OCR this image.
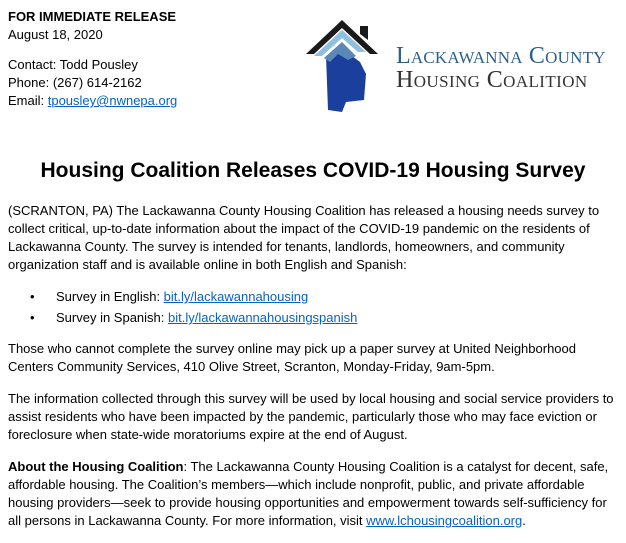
FOR IMMEDIATE RELEASE
August 18, 2020
Contact: Todd Pousley
Phone: (267) 614-2162
Email: tpousley@nwnepa.org
Lackawanna County
Housing Coalition
Housing Coalition Releases COVID-19 Housing Survey

(SCRANTON, PA) The Lackawanna County Housing Coalition has released a housing needs survey to collect critical, up-to-date information about the impact of the COVID-19 pandemic on the residents of Lackawanna County. The survey is intended for tenants, landlords, homeowners, and community organization staff and is available online in both English and Spanish:

• Survey in English: bit.ly/lackawannahousing
• Survey in Spanish: bit.ly/lackawannahousingspanish

Those who cannot complete the survey online may pick up a paper survey at United Neighborhood Centers Community Services, 410 Olive Street, Scranton, Monday-Friday, 9am-5pm.

The information collected through this survey will be used by local housing and social service providers to assist residents who have been impacted by the pandemic, particularly those who may face eviction or foreclosure when state-wide moratoriums expire at the end of August.

About the Housing Coalition: The Lackawanna County Housing Coalition is a catalyst for decent, safe, affordable housing. The Coalition’s members—which include nonprofit, public, and private affordable housing providers—seek to provide housing opportunities and empowerment towards self-sufficiency for all persons in Lackawanna County. For more information, visit www.lchousingcoalition.org.
